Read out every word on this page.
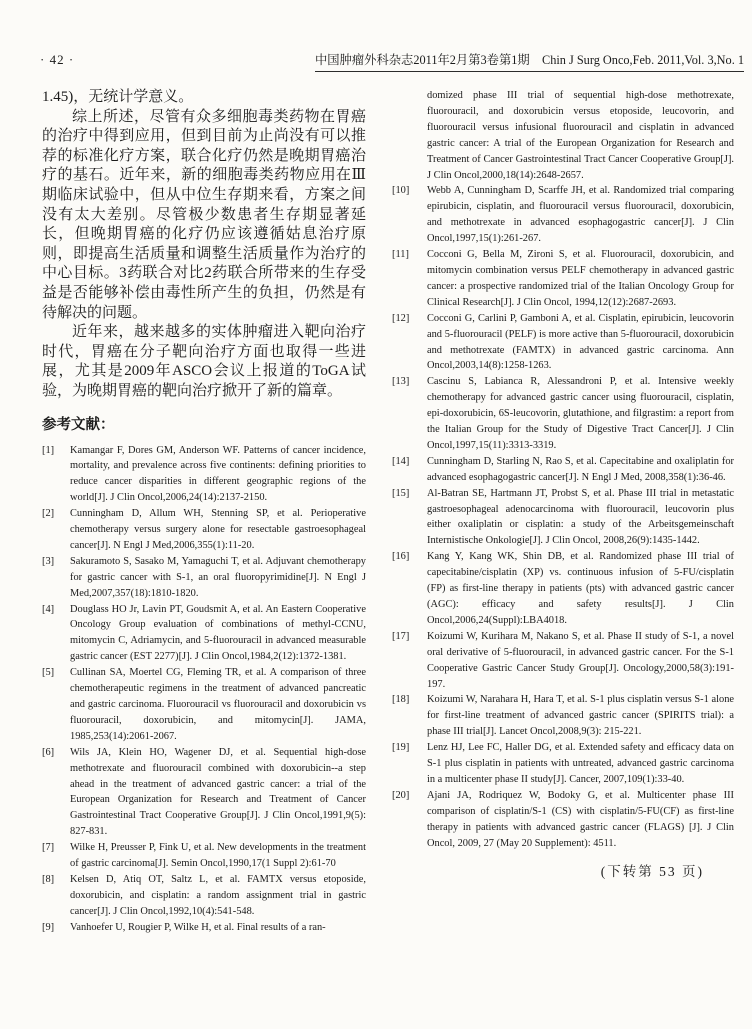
· 42 ·	中国肿瘤外科杂志2011年2月第3卷第1期　Chin J Surg Onco,Feb. 2011,Vol. 3,No. 1

1.45)，无统计学意义。

综上所述，尽管有众多细胞毒类药物在胃癌的治疗中得到应用，但到目前为止尚没有可以推荐的标准化疗方案，联合化疗仍然是晚期胃癌治疗的基石。近年来，新的细胞毒类药物应用在Ⅲ期临床试验中，但从中位生存期来看，方案之间没有太大差别。尽管极少数患者生存期显著延长，但晚期胃癌的化疗仍应该遵循姑息治疗原则，即提高生活质量和调整生活质量作为治疗的中心目标。3药联合对比2药联合所带来的生存受益是否能够补偿由毒性所产生的负担，仍然是有待解决的问题。

近年来，越来越多的实体肿瘤进入靶向治疗时代，胃癌在分子靶向治疗方面也取得一些进展，尤其是2009年ASCO会议上报道的ToGA试验，为晚期胃癌的靶向治疗掀开了新的篇章。

参考文献：
[1] Kamangar F, Dores GM, Anderson WF. Patterns of cancer incidence, mortality, and prevalence across five continents: defining priorities to reduce cancer disparities in different geographic regions of the world[J]. J Clin Oncol,2006,24(14):2137-2150.
[2] Cunningham D, Allum WH, Stenning SP, et al. Perioperative chemotherapy versus surgery alone for resectable gastroesophageal cancer[J]. N Engl J Med,2006,355(1):11-20.
[3] Sakuramoto S, Sasako M, Yamaguchi T, et al. Adjuvant chemotherapy for gastric cancer with S-1, an oral fluoropyrimidine[J]. N Engl J Med,2007,357(18):1810-1820.
[4] Douglass HO Jr, Lavin PT, Goudsmit A, et al. An Eastern Cooperative Oncology Group evaluation of combinations of methyl-CCNU, mitomycin C, Adriamycin, and 5-fluorouracil in advanced measurable gastric cancer (EST 2277)[J]. J Clin Oncol,1984,2(12):1372-1381.
[5] Cullinan SA, Moertel CG, Fleming TR, et al. A comparison of three chemotherapeutic regimens in the treatment of advanced pancreatic and gastric carcinoma. Fluorouracil vs fluorouracil and doxorubicin vs fluorouracil, doxorubicin, and mitomycin[J]. JAMA, 1985,253(14):2061-2067.
[6] Wils JA, Klein HO, Wagener DJ, et al. Sequential high-dose methotrexate and fluorouracil combined with doxorubicin--a step ahead in the treatment of advanced gastric cancer: a trial of the European Organization for Research and Treatment of Cancer Gastrointestinal Tract Cooperative Group[J]. J Clin Oncol,1991,9(5): 827-831.
[7] Wilke H, Preusser P, Fink U, et al. New developments in the treatment of gastric carcinoma[J]. Semin Oncol,1990,17(1 Suppl 2):61-70
[8] Kelsen D, Atiq OT, Saltz L, et al. FAMTX versus etoposide, doxorubicin, and cisplatin: a random assignment trial in gastric cancer[J]. J Clin Oncol,1992,10(4):541-548.
[9] Vanhoefer U, Rougier P, Wilke H, et al. Final results of a ran-

domized phase III trial of sequential high-dose methotrexate, fluorouracil, and doxorubicin versus etoposide, leucovorin, and fluorouracil versus infusional fluorouracil and cisplatin in advanced gastric cancer: A trial of the European Organization for Research and Treatment of Cancer Gastrointestinal Tract Cancer Cooperative Group[J]. J Clin Oncol,2000,18(14):2648-2657.

[10] Webb A, Cunningham D, Scarffe JH, et al. Randomized trial comparing epirubicin, cisplatin, and fluorouracil versus fluorouracil, doxorubicin, and methotrexate in advanced esophagogastric cancer[J]. J Clin Oncol,1997,15(1):261-267.
[11] Cocconi G, Bella M, Zironi S, et al. Fluorouracil, doxorubicin, and mitomycin combination versus PELF chemotherapy in advanced gastric cancer: a prospective randomized trial of the Italian Oncology Group for Clinical Research[J]. J Clin Oncol, 1994,12(12):2687-2693.
[12] Cocconi G, Carlini P, Gamboni A, et al. Cisplatin, epirubicin, leucovorin and 5-fluorouracil (PELF) is more active than 5-fluorouracil, doxorubicin and methotrexate (FAMTX) in advanced gastric carcinoma. Ann Oncol,2003,14(8):1258-1263.
[13] Cascinu S, Labianca R, Alessandroni P, et al. Intensive weekly chemotherapy for advanced gastric cancer using fluorouracil, cisplatin, epi-doxorubicin, 6S-leucovorin, glutathione, and filgrastim: a report from the Italian Group for the Study of Digestive Tract Cancer[J]. J Clin Oncol,1997,15(11):3313-3319.
[14] Cunningham D, Starling N, Rao S, et al. Capecitabine and oxaliplatin for advanced esophagogastric cancer[J]. N Engl J Med, 2008,358(1):36-46.
[15] Al-Batran SE, Hartmann JT, Probst S, et al. Phase III trial in metastatic gastroesophageal adenocarcinoma with fluorouracil, leucovorin plus either oxaliplatin or cisplatin: a study of the Arbeitsgemeinschaft Internistische Onkologie[J]. J Clin Oncol, 2008,26(9):1435-1442.
[16] Kang Y, Kang WK, Shin DB, et al. Randomized phase III trial of capecitabine/cisplatin (XP) vs. continuous infusion of 5-FU/cisplatin (FP) as first-line therapy in patients (pts) with advanced gastric cancer (AGC): efficacy and safety results[J]. J Clin Oncol,2006,24(Suppl):LBA4018.
[17] Koizumi W, Kurihara M, Nakano S, et al. Phase II study of S-1, a novel oral derivative of 5-fluorouracil, in advanced gastric cancer. For the S-1 Cooperative Gastric Cancer Study Group[J]. Oncology,2000,58(3):191-197.
[18] Koizumi W, Narahara H, Hara T, et al. S-1 plus cisplatin versus S-1 alone for first-line treatment of advanced gastric cancer (SPIRITS trial): a phase III trial[J]. Lancet Oncol,2008,9(3): 215-221.
[19] Lenz HJ, Lee FC, Haller DG, et al. Extended safety and efficacy data on S-1 plus cisplatin in patients with untreated, advanced gastric carcinoma in a multicenter phase II study[J]. Cancer, 2007,109(1):33-40.
[20] Ajani JA, Rodriquez W, Bodoky G, et al. Multicenter phase III comparison of cisplatin/S-1 (CS) with cisplatin/5-FU(CF) as first-line therapy in patients with advanced gastric cancer (FLAGS) [J]. J Clin Oncol, 2009, 27 (May 20 Supplement): 4511.

(下转第 53 页)
